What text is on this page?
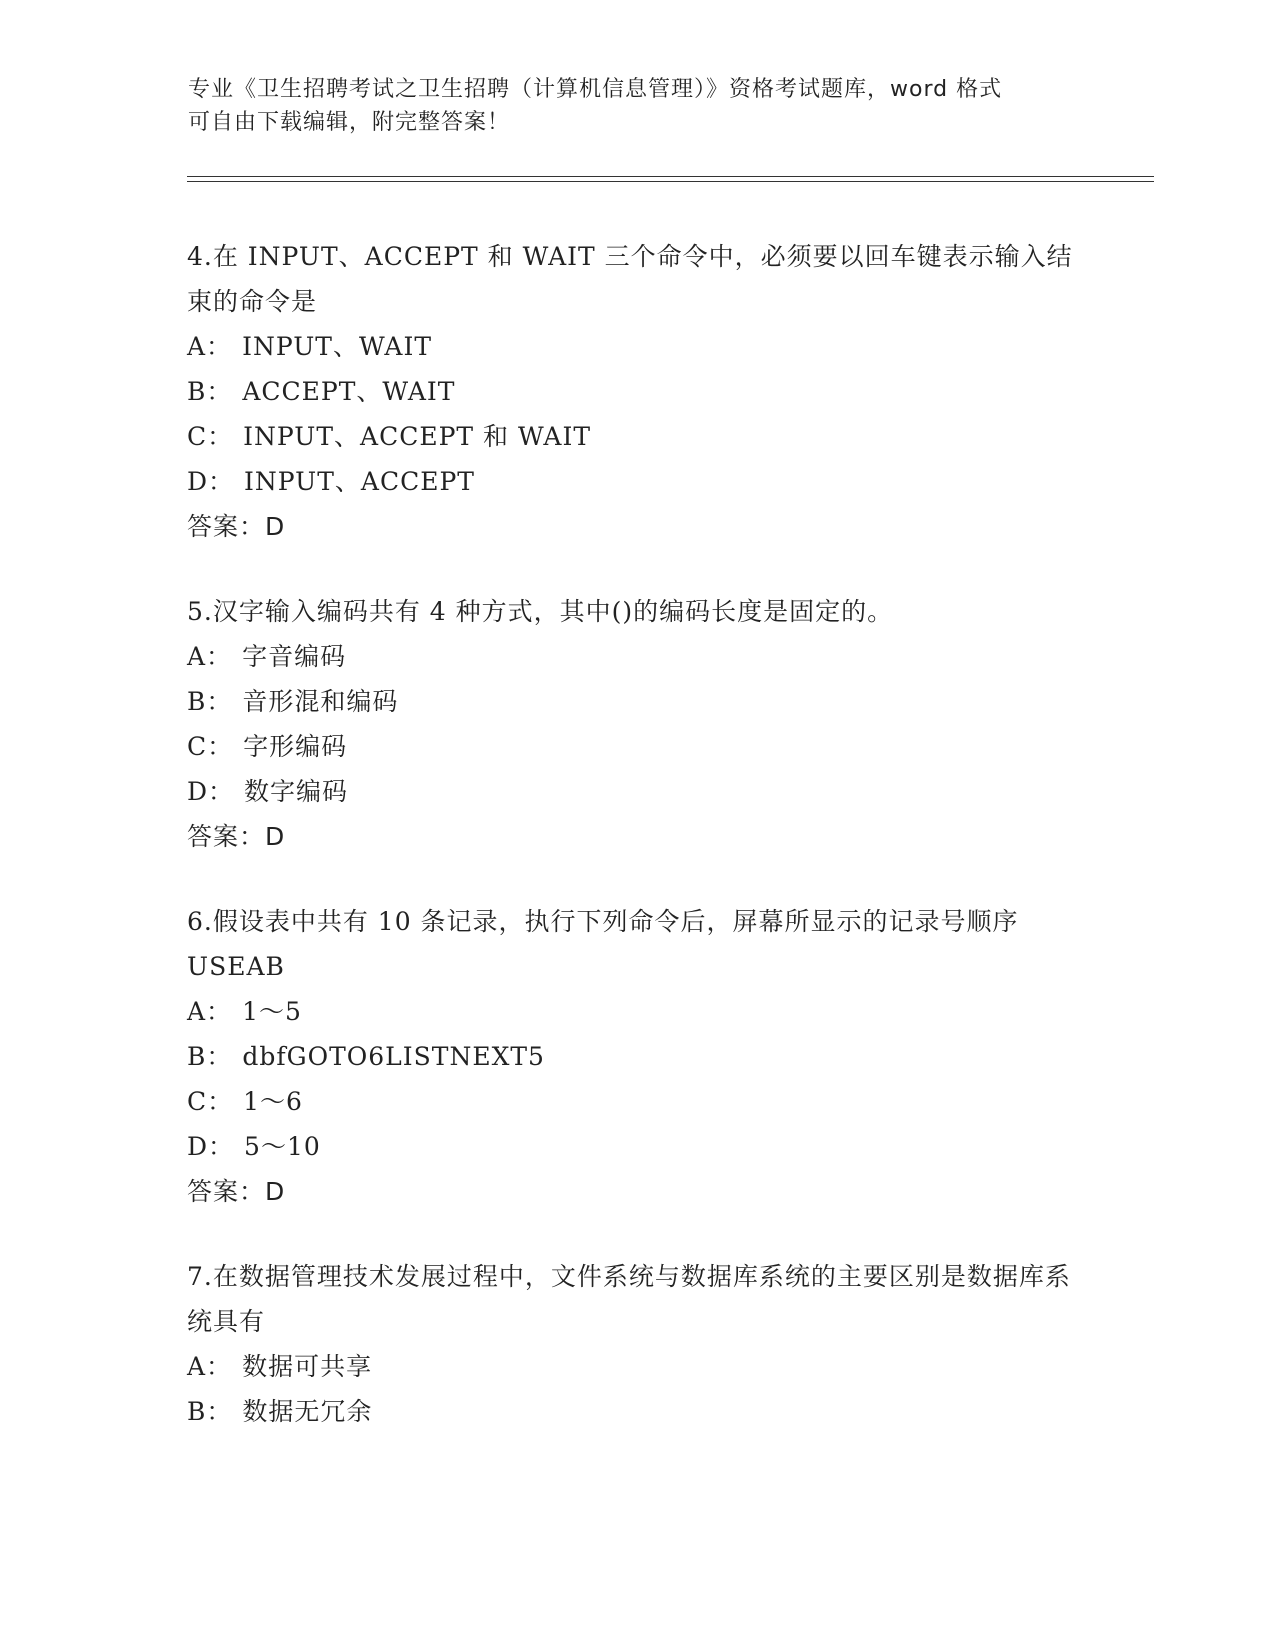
专业《卫生招聘考试之卫生招聘（计算机信息管理）》资格考试题库，word 格式

可自由下载编辑，附完整答案！

4.在 INPUT、ACCEPT 和 WAIT 三个命令中，必须要以回车键表示输入结束的命令是

A： INPUT、WAIT

B： ACCEPT、WAIT

C： INPUT、ACCEPT 和 WAIT

D： INPUT、ACCEPT

答案：D

5.汉字输入编码共有 4 种方式，其中()的编码长度是固定的。

A： 字音编码

B： 音形混和编码

C： 字形编码

D： 数字编码

答案：D

6.假设表中共有 10 条记录，执行下列命令后，屏幕所显示的记录号顺序 USEAB

A： 1～5

B： dbfGOTO6LISTNEXT5

C： 1～6

D： 5～10

答案：D

7.在数据管理技术发展过程中，文件系统与数据库系统的主要区别是数据库系统具有

A： 数据可共享

B： 数据无冗余
